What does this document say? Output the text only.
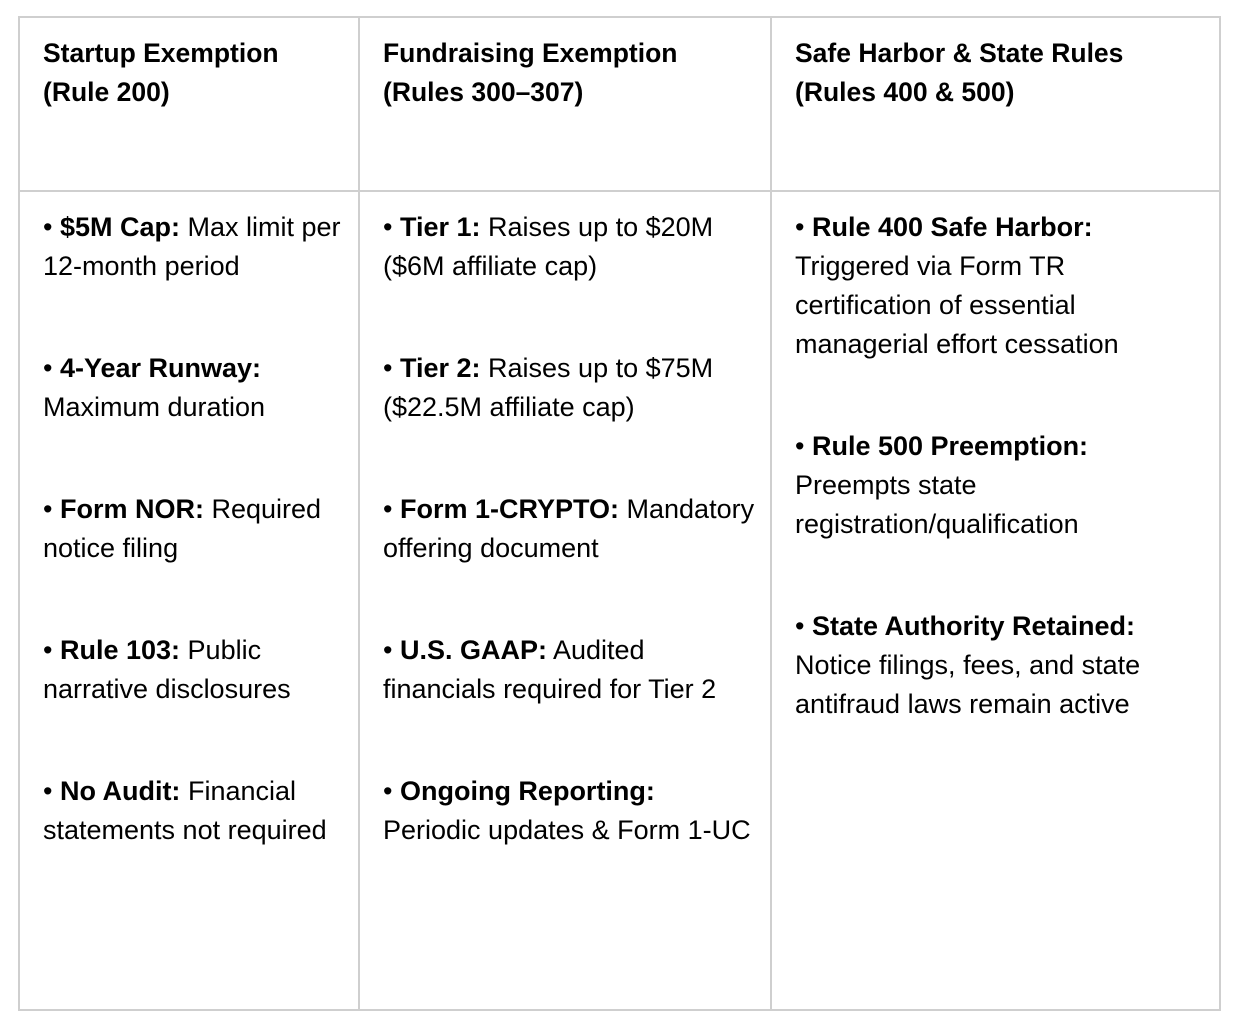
Startup Exemption
(Rule 200)
Fundraising Exemption
(Rules 300–307)
Safe Harbor & State Rules
(Rules 400 & 500)

• $5M Cap: Max limit per 12-month period

• 4-Year Runway: Maximum duration

• Form NOR: Required notice filing

• Rule 103: Public narrative disclosures

• No Audit: Financial statements not required

• Tier 1: Raises up to $20M ($6M affiliate cap)

• Tier 2: Raises up to $75M ($22.5M affiliate cap)

• Form 1-CRYPTO: Mandatory offering document

• U.S. GAAP: Audited financials required for Tier 2

• Ongoing Reporting: Periodic updates & Form 1-UC

• Rule 400 Safe Harbor: Triggered via Form TR certification of essential managerial effort cessation

• Rule 500 Preemption: Preempts state registration/qualification

• State Authority Retained: Notice filings, fees, and state antifraud laws remain active
